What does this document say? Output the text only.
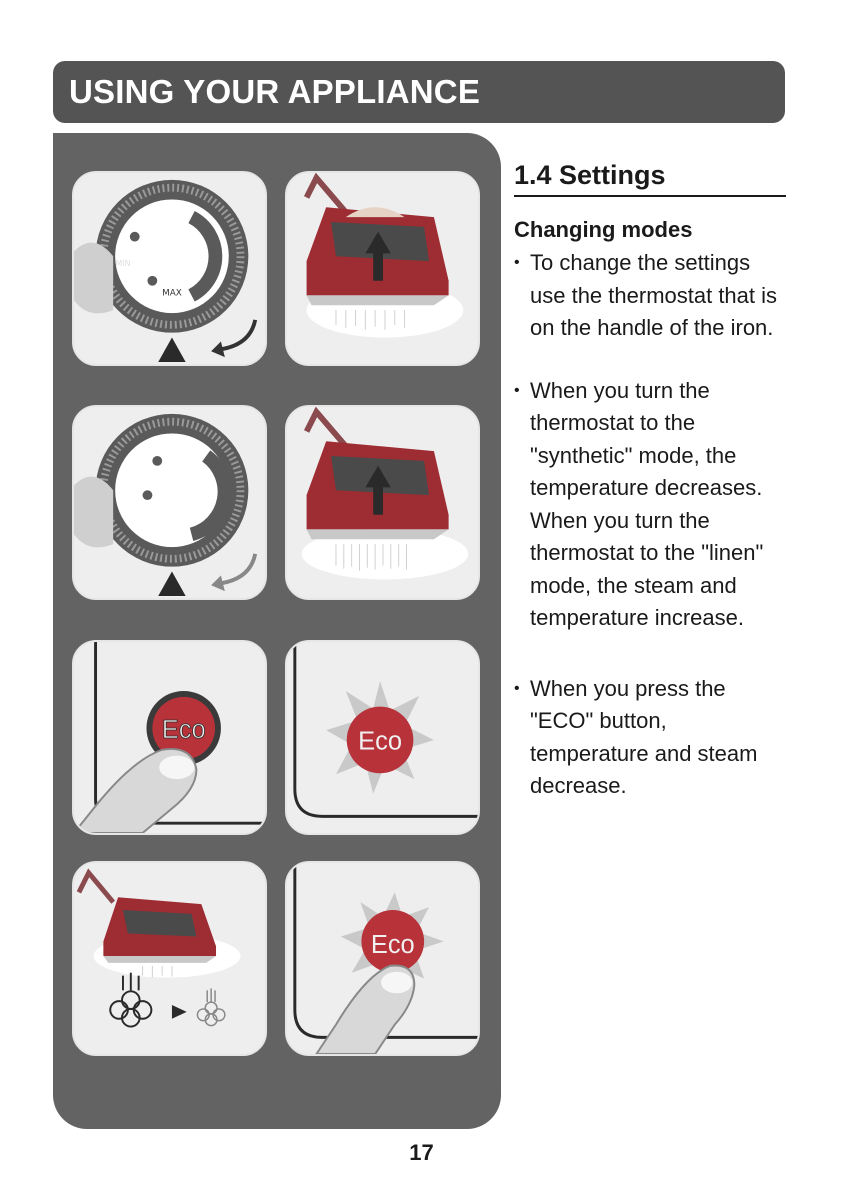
USING YOUR APPLIANCE
MAX
MIN
Eco	Eco
Eco
1.4 Settings
Changing modes

• To change the settings use the thermostat that is on the handle of the iron.

• When you turn the thermostat to the "synthetic" mode, the temperature decreases. When you turn the thermostat to the "linen" mode, the steam and temperature increase.

• When you press the "ECO" button, temperature and steam decrease.

17
